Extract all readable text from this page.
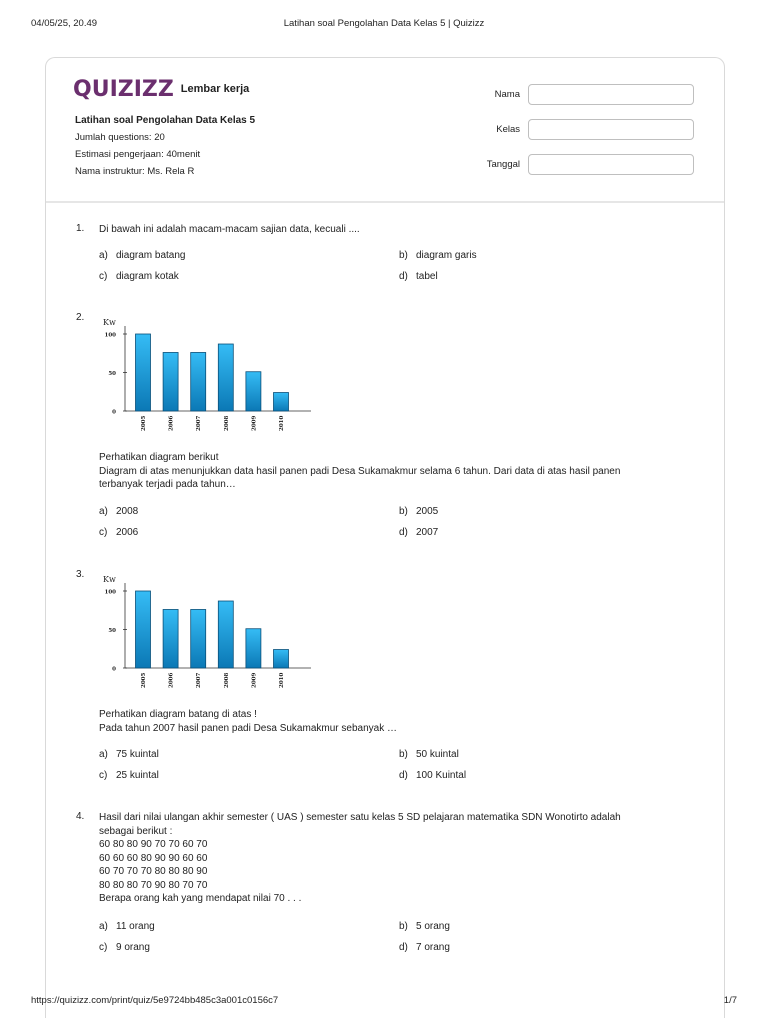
04/05/25, 20.49	Latihan soal Pengolahan Data Kelas 5 | Quizizz
QUIZIZZ Lembar kerja
Latihan soal Pengolahan Data Kelas 5
Jumlah questions: 20
Estimasi pengerjaan: 40menit
Nama instruktur: Ms. Rela R
Nama
Kelas
Tanggal
1. Di bawah ini adalah macam-macam sajian data, kecuali ....
a) diagram batang	b) diagram garis
c) diagram kotak	d) tabel
2. Kw
0
50
100
2005	2006	2007	2008	2009	2010
Perhatikan diagram berikut
Diagram di atas menunjukkan data hasil panen padi Desa Sukamakmur selama 6 tahun. Dari data di atas hasil panen
terbanyak terjadi pada tahun…
a) 2008	b) 2005
c) 2006	d) 2007
3. Kw
0
50
100
2005	2006	2007	2008	2009	2010
Perhatikan diagram batang di atas !
Pada tahun 2007 hasil panen padi Desa Sukamakmur sebanyak …
a) 75 kuintal	b) 50 kuintal
c) 25 kuintal	d) 100 Kuintal
4. Hasil dari nilai ulangan akhir semester ( UAS ) semester satu kelas 5 SD pelajaran matematika SDN Wonotirto adalah
sebagai berikut :
60 80 80 90 70 70 60 70
60 60 60 80 90 90 60 60
60 70 70 70 80 80 80 90
80 80 80 70 90 80 70 70
Berapa orang kah yang mendapat nilai 70 . . .
a) 11 orang	b) 5 orang
c) 9 orang	d) 7 orang
https://quizizz.com/print/quiz/5e9724bb485c3a001c0156c7	1/7
